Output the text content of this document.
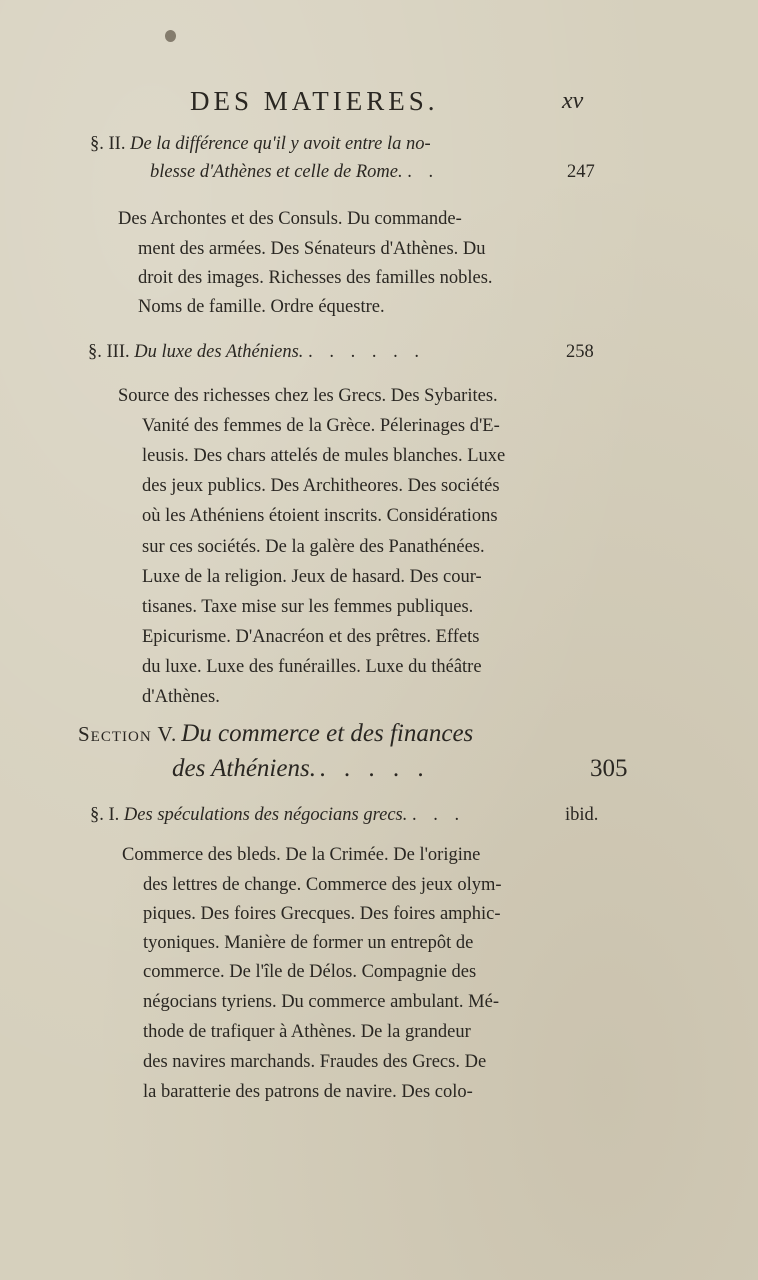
DES MATIERES.	xv
§. II. De la différence qu'il y avoit entre la no-
blesse d'Athènes et celle de Rome. . .	247
Des Archontes et des Consuls. Du commande-
ment des armées. Des Sénateurs d'Athènes. Du
droit des images. Richesses des familles nobles.
Noms de famille. Ordre équestre.
§. III. Du luxe des Athéniens. . . . . . .	258
Source des richesses chez les Grecs. Des Sybarites.
Vanité des femmes de la Grèce. Pélerinages d'E-
leusis. Des chars attelés de mules blanches. Luxe
des jeux publics. Des Architheores. Des sociétés
où les Athéniens étoient inscrits. Considérations
sur ces sociétés. De la galère des Panathénées.
Luxe de la religion. Jeux de hasard. Des cour-
tisanes. Taxe mise sur les femmes publiques.
Epicurisme. D'Anacréon et des prêtres. Effets
du luxe. Luxe des funérailles. Luxe du théâtre
d'Athènes.
Section V. Du commerce et des finances
des Athéniens. . . . . .	305
§. I. Des spéculations des négocians grecs. . . .	ibid.
Commerce des bleds. De la Crimée. De l'origine
des lettres de change. Commerce des jeux olym-
piques. Des foires Grecques. Des foires amphic-
tyoniques. Manière de former un entrepôt de
commerce. De l'île de Délos. Compagnie des
négocians tyriens. Du commerce ambulant. Mé-
thode de trafiquer à Athènes. De la grandeur
des navires marchands. Fraudes des Grecs. De
la baratterie des patrons de navire. Des colo-
